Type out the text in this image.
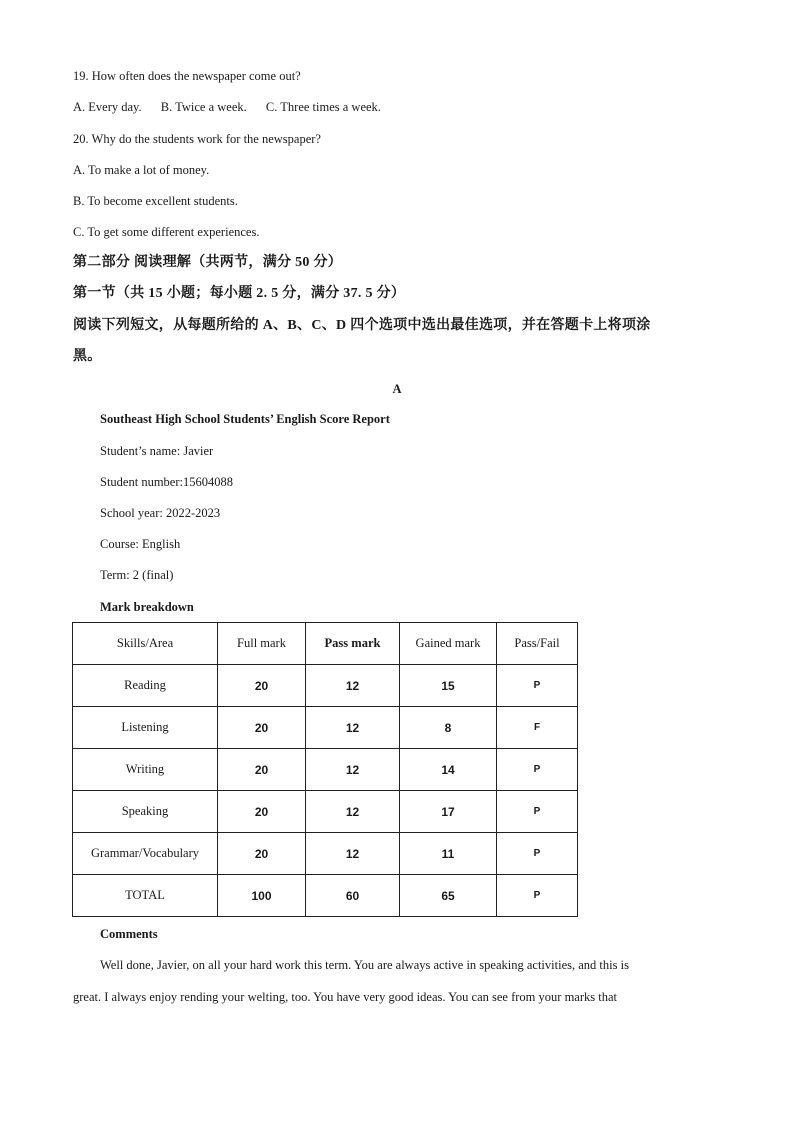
19. How often does the newspaper come out?
A. Every day. B. Twice a week. C. Three times a week.
20. Why do the students work for the newspaper?
A. To make a lot of money.
B. To become excellent students.
C. To get some different experiences.
第二部分 阅读理解（共两节，满分 50 分）
第一节（共 15 小题；每小题 2. 5 分，满分 37. 5 分）
阅读下列短文，从每题所给的 A、B、C、D 四个选项中选出最佳选项，并在答题卡上将项涂
黑。
A
Southeast High School Students’ English Score Report
Student’s name: Javier
Student number:15604088
School year: 2022-2023
Course: English
Term: 2 (final)
Mark breakdown
Skills/Area	Full mark	Pass mark	Gained mark	Pass/Fail
Reading	20	12	15	P
Listening	20	12	8	F
Writing	20	12	14	P
Speaking	20	12	17	P
Grammar/Vocabulary	20	12	11	P
TOTAL	100	60	65	P
Comments
Well done, Javier, on all your hard work this term. You are always active in speaking activities, and this is
great. I always enjoy rending your welting, too. You have very good ideas. You can see from your marks that
